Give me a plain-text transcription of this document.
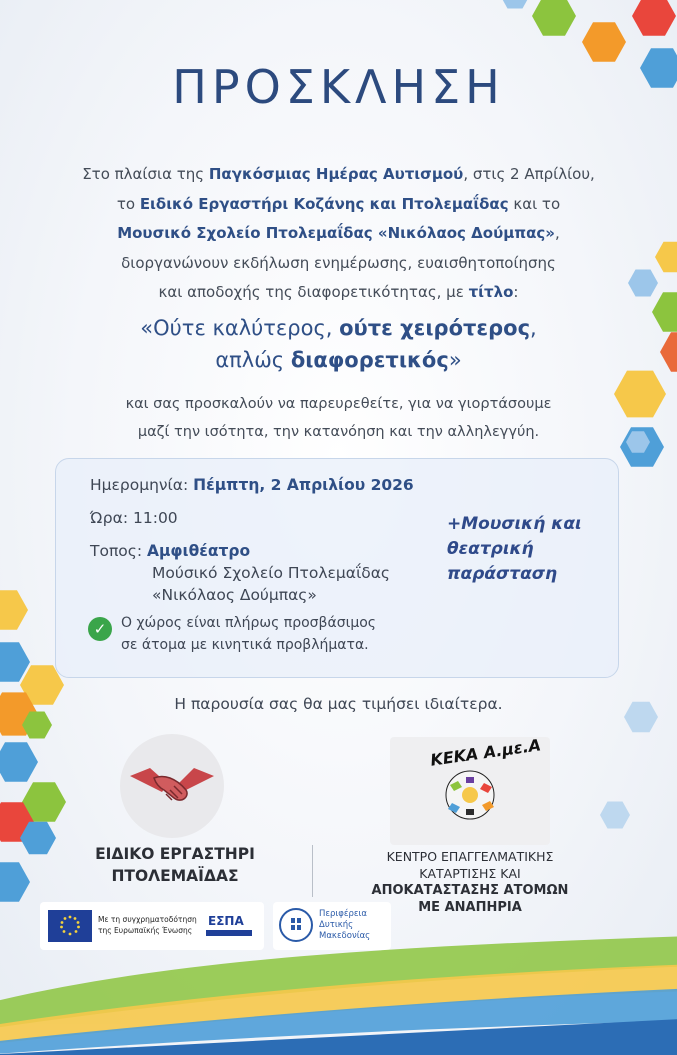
ΠΡΟΣΚΛΗΣΗ
Στο πλαίσια της Παγκόσμιας Ημέρας Αυτισμού, στις 2 Απρίλίου,
το Ειδικό Εργαστήρι Κοζάνης και Πτολεμαΐδας και το
Μουσικό Σχολείο Πτολεμαΐδας «Νικόλαος Δούμπας»,
διοργανώνουν εκδήλωση ενημέρωσης, ευαισθητοποίησης
και αποδοχής της διαφορετικότητας, με τίτλο:
«Ούτε καλύτερος, ούτε χειρότερος,
απλώς διαφορετικός»
και σας προσκαλούν να παρευρεθείτε, για να γιορτάσουμε
μαζί την ισότητα, την κατανόηση και την αλληλεγγύη.
Ημερομηνία: Πέμπτη, 2 Απριλίου 2026
Ώρα: 11:00
Τοπος: Αμφιθέατρο
Μούσικό Σχολείο Πτολεμαΐδας
«Νικόλαος Δούμπας»
+Μουσική και
θεατρική
παράσταση
✓	Ο χώρος είναι πλήρως προσβάσιμος
σε άτομα με κινητικά προβλήματα.
Η παρουσία σας θα μας τιμήσει ιδιαίτερα.
ΕΙΔΙΚΟ ΕΡΓΑΣΤΗΡΙ
ΠΤΟΛΕΜΑΪΔΑΣ
ΚΕΚΑ Α.με.Α
ΚΕΝΤΡΟ ΕΠΑΓΓΕΛΜΑΤΙΚΗΣ
ΚΑΤΑΡΤΙΣΗΣ ΚΑΙ
ΑΠΟΚΑΤΑΣΤΑΣΗΣ ΑΤΟΜΩΝ
ΜΕ ΑΝΑΠΗΡΙΑ
Με τη συγχρηματοδότηση
της Ευρωπαϊκής Ένωσης
ΕΣΠΑ	Περιφέρεια
Δυτικής
Μακεδονίας
